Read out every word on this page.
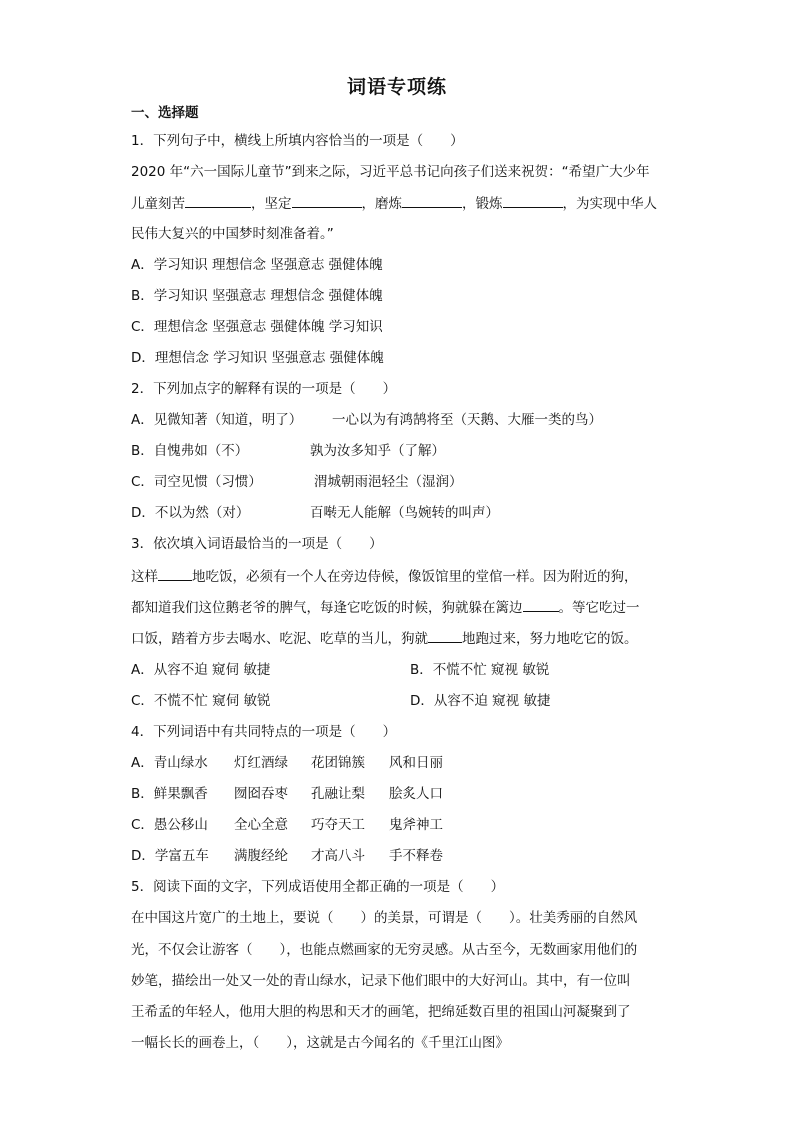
词语专项练
一、选择题
1．下列句子中，横线上所填内容恰当的一项是（　　）
2020 年“六一国际儿童节”到来之际，习近平总书记向孩子们送来祝贺：“希望广大少年
儿童刻苦	，坚定	，磨炼	，锻炼	，为实现中华人
民伟大复兴的中国梦时刻准备着。”
A．学习知识 理想信念 坚强意志 强健体魄
B．学习知识 坚强意志 理想信念 强健体魄
C．理想信念 坚强意志 强健体魄 学习知识
D．理想信念 学习知识 坚强意志 强健体魄
2．下列加点字的解释有误的一项是（　　）
A．见微知著（知道，明了） 一心以为有鸿鹄将至（天鹅、大雁一类的鸟）
B．自愧弗如（不）	孰为汝多知乎（了解）
C．司空见惯（习惯）	渭城朝雨浥轻尘（湿润）
D．不以为然（对）	百啭无人能解（鸟婉转的叫声）
3．依次填入词语最恰当的一项是（　　）
这样	地吃饭，必须有一个人在旁边侍候，像饭馆里的堂倌一样。因为附近的狗，
都知道我们这位鹅老爷的脾气，每逢它吃饭的时候，狗就躲在篱边	。等它吃过一
口饭，踏着方步去喝水、吃泥、吃草的当儿，狗就	地跑过来，努力地吃它的饭。
A．从容不迫 窥伺 敏捷	B．不慌不忙 窥视 敏锐
C．不慌不忙 窥伺 敏锐	D．从容不迫 窥视 敏捷
4．下列词语中有共同特点的一项是（　　）
A．青山绿水 灯红酒绿 花团锦簇 风和日丽
B．鲜果飘香 囫囵吞枣 孔融让梨 脍炙人口
C．愚公移山 全心全意 巧夺天工 鬼斧神工
D．学富五车 满腹经纶 才高八斗 手不释卷
5．阅读下面的文字，下列成语使用全都正确的一项是（　　）
在中国这片宽广的土地上，要说（　　）的美景，可谓是（　　）。壮美秀丽的自然风
光，不仅会让游客（　　），也能点燃画家的无穷灵感。从古至今，无数画家用他们的
妙笔，描绘出一处又一处的青山绿水，记录下他们眼中的大好河山。其中，有一位叫
王希孟的年轻人，他用大胆的构思和天才的画笔，把绵延数百里的祖国山河凝聚到了
一幅长长的画卷上，（　　），这就是古今闻名的《千里江山图》
